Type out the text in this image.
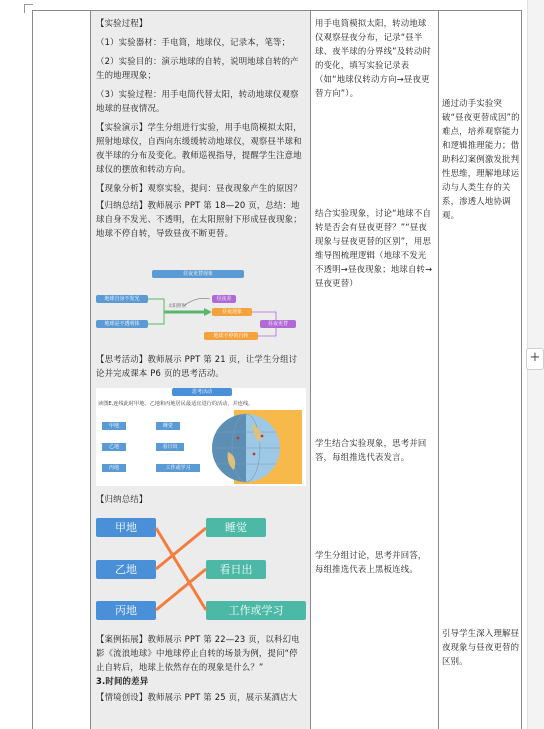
【实验过程】

（1）实验器材：手电筒，地球仪，记录本，笔等；

（2）实验目的：演示地球的自转，说明地球自转的产生的地理现象；

（3）实验过程：用手电筒代替太阳，转动地球仪观察地球的昼夜情况。

【实验演示】学生分组进行实验，用手电筒模拟太阳，照射地球仪，自西向东缓缓转动地球仪，观察昼半球和夜半球的分布及变化。教师巡视指导，提醒学生注意地球仪的摆放和转动方向。

【现象分析】观察实验，提问：昼夜现象产生的原因？

【归纳总结】教师展示 PPT 第 18—20 页，总结：地球自身不发光、不透明，在太阳照射下形成昼夜现象；地球不停自转，导致昼夜不断更替。

昼夜更替现象
地球自身不发光
地球是不透明体
太阳照射
昼夜差
昼夜现象
地球不停的自转
昼夜更替

【思考活动】教师展示 PPT 第 21 页，让学生分组讨论并完成课本 P6 页的思考活动。

思考活动
读图E,连线此时甲地、乙地和丙地居民最适宜进行的活动，并连线。
甲地
乙地
丙地
睡觉
看日出
工作或学习

【归纳总结】

甲地
乙地
丙地
睡觉
看日出
工作或学习

【案例拓展】教师展示 PPT 第 22—23 页，以科幻电影《流浪地球》中地球停止自转的场景为例，提问“停止自转后，地球上依然存在的现象是什么？”

3.时间的差异

【情境创设】教师展示 PPT 第 25 页，展示某酒店大

用手电筒模拟太阳，转动地球仪观察昼夜分布，记录“昼半球、夜半球的分界线”及转动时的变化，填写实验记录表（如“地球仪转动方向→昼夜更替方向”）。
结合实验现象，讨论“地球不自转是否会有昼夜更替？”“昼夜现象与昼夜更替的区别”，用思维导图梳理逻辑（地球不发光不透明→昼夜现象；地球自转→昼夜更替）
学生结合实验现象，思考并回答，每组推选代表发言。
学生分组讨论，思考并回答，每组推选代表上黑板连线。
通过动手实验突破“昼夜更替成因”的难点，培养观察能力和逻辑推理能力；借助科幻案例激发批判性思维，理解地球运动与人类生存的关系，渗透人地协调观。
引导学生深入理解昼夜现象与昼夜更替的区别。
+
